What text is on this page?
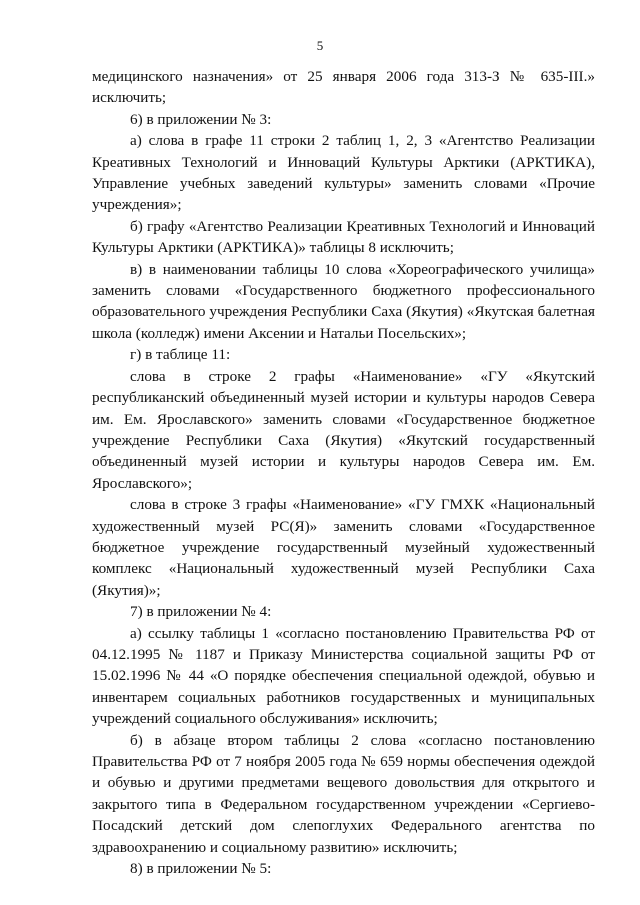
5

медицинского назначения» от 25 января 2006 года 313-З № 635-III.» исключить;

6) в приложении № 3:

а) слова в графе 11 строки 2 таблиц 1, 2, 3 «Агентство Реализации Креативных Технологий и Инноваций Культуры Арктики (АРКТИКА), Управление учебных заведений культуры» заменить словами «Прочие учреждения»;

б) графу «Агентство Реализации Креативных Технологий и Инноваций Культуры Арктики (АРКТИКА)» таблицы 8 исключить;

в) в наименовании таблицы 10 слова «Хореографического училища» заменить словами «Государственного бюджетного профессионального образовательного учреждения Республики Саха (Якутия) «Якутская балетная школа (колледж) имени Аксении и Натальи Посельских»;

г) в таблице 11:

слова в строке 2 графы «Наименование» «ГУ «Якутский республиканский объединенный музей истории и культуры народов Севера им. Ем. Ярославского» заменить словами «Государственное бюджетное учреждение Республики Саха (Якутия) «Якутский государственный объединенный музей истории и культуры народов Севера им. Ем. Ярославского»;

слова в строке 3 графы «Наименование» «ГУ ГМХК «Национальный художественный музей РС(Я)» заменить словами «Государственное бюджетное учреждение государственный музейный художественный комплекс «Национальный художественный музей Республики Саха (Якутия)»;

7) в приложении № 4:

а) ссылку таблицы 1 «согласно постановлению Правительства РФ от 04.12.1995 № 1187 и Приказу Министерства социальной защиты РФ от 15.02.1996 № 44 «О порядке обеспечения специальной одеждой, обувью и инвентарем социальных работников государственных и муниципальных учреждений социального обслуживания» исключить;

б) в абзаце втором таблицы 2 слова «согласно постановлению Правительства РФ от 7 ноября 2005 года № 659 нормы обеспечения одеждой и обувью и другими предметами вещевого довольствия для открытого и закрытого типа в Федеральном государственном учреждении «Сергиево-Посадский детский дом слепоглухих Федерального агентства по здравоохранению и социальному развитию» исключить;

8) в приложении № 5:
